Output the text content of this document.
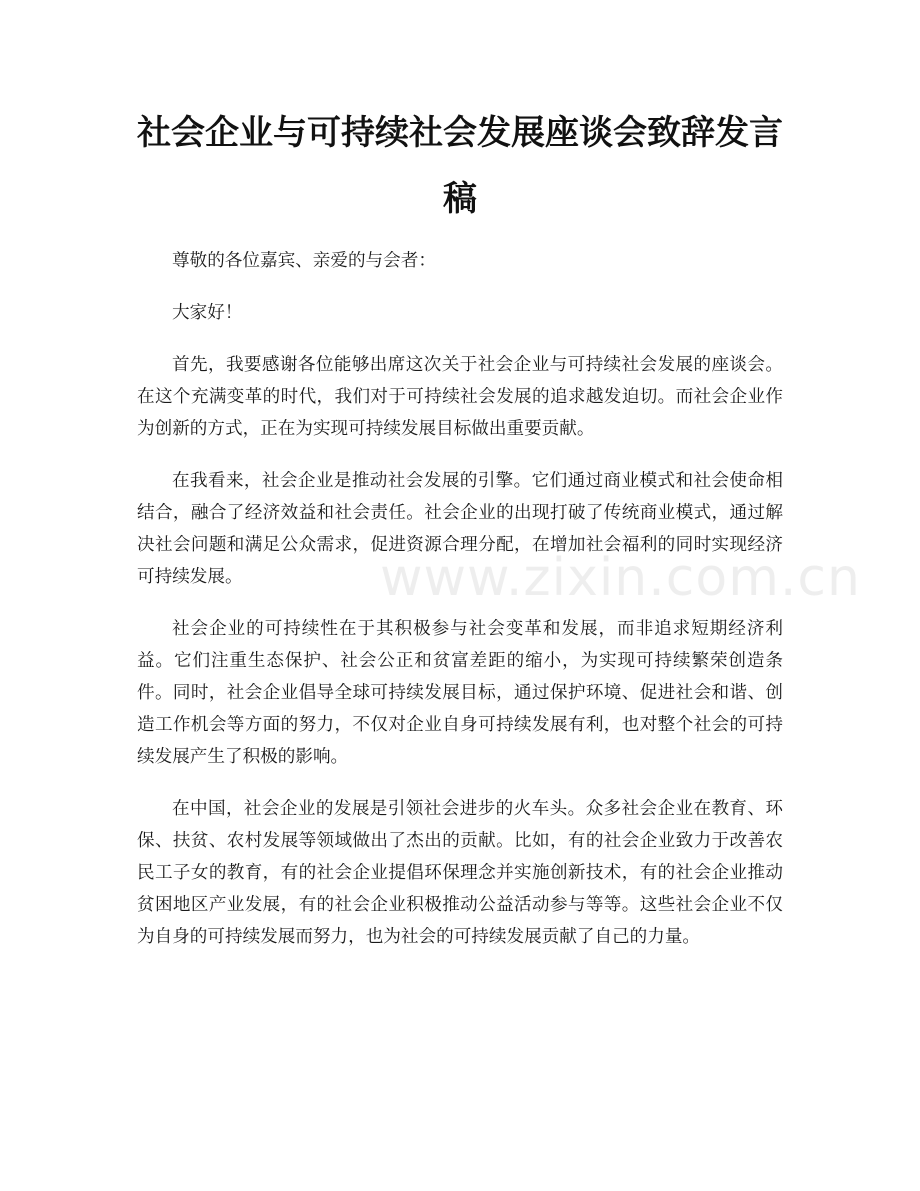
社会企业与可持续社会发展座谈会致辞发言稿

尊敬的各位嘉宾、亲爱的与会者：

大家好！

首先，我要感谢各位能够出席这次关于社会企业与可持续社会发展的座谈会。在这个充满变革的时代，我们对于可持续社会发展的追求越发迫切。而社会企业作为创新的方式，正在为实现可持续发展目标做出重要贡献。

在我看来，社会企业是推动社会发展的引擎。它们通过商业模式和社会使命相结合，融合了经济效益和社会责任。社会企业的出现打破了传统商业模式，通过解决社会问题和满足公众需求，促进资源合理分配，在增加社会福利的同时实现经济可持续发展。

社会企业的可持续性在于其积极参与社会变革和发展，而非追求短期经济利益。它们注重生态保护、社会公正和贫富差距的缩小，为实现可持续繁荣创造条件。同时，社会企业倡导全球可持续发展目标，通过保护环境、促进社会和谐、创造工作机会等方面的努力，不仅对企业自身可持续发展有利，也对整个社会的可持续发展产生了积极的影响。

在中国，社会企业的发展是引领社会进步的火车头。众多社会企业在教育、环保、扶贫、农村发展等领域做出了杰出的贡献。比如，有的社会企业致力于改善农民工子女的教育，有的社会企业提倡环保理念并实施创新技术，有的社会企业推动贫困地区产业发展，有的社会企业积极推动公益活动参与等等。这些社会企业不仅为自身的可持续发展而努力，也为社会的可持续发展贡献了自己的力量。

www.zixin.com.cn
